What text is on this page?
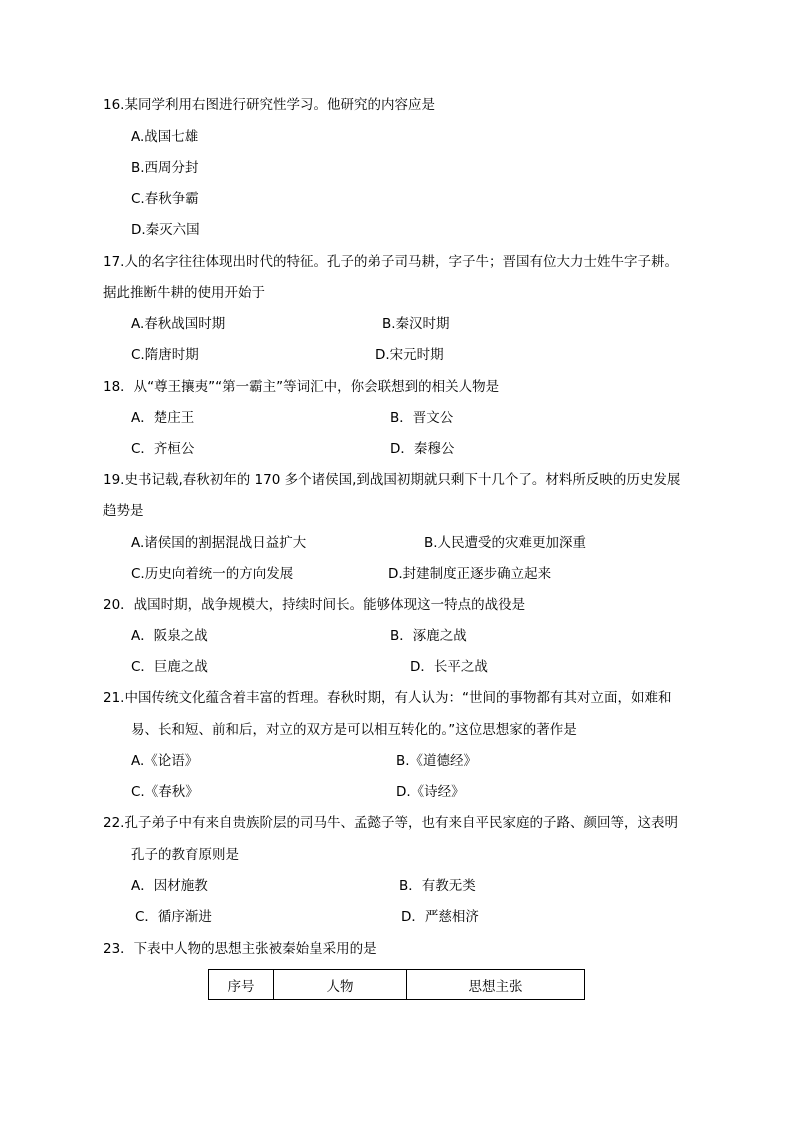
16.某同学利用右图进行研究性学习。他研究的内容应是
A.战国七雄
B.西周分封
C.春秋争霸
D.秦灭六国
17.人的名字往往体现出时代的特征。孔子的弟子司马耕，字子牛；晋国有位大力士姓牛字子耕。
据此推断牛耕的使用开始于
A.春秋战国时期	B.秦汉时期
C.隋唐时期	D.宋元时期
18．从“尊王攘夷”“第一霸主”等词汇中，你会联想到的相关人物是
A．楚庄王	B．晋文公
C．齐桓公	D．秦穆公
19.史书记载,春秋初年的 170 多个诸侯国,到战国初期就只剩下十几个了。材料所反映的历史发展
趋势是
A.诸侯国的割据混战日益扩大	B.人民遭受的灾难更加深重
C.历史向着统一的方向发展	D.封建制度正逐步确立起来
20．战国时期，战争规模大，持续时间长。能够体现这一特点的战役是
A．阪泉之战	B．涿鹿之战
C．巨鹿之战	D．长平之战
21.中国传统文化蕴含着丰富的哲理。春秋时期，有人认为：“世间的事物都有其对立面，如难和
易、长和短、前和后，对立的双方是可以相互转化的。”这位思想家的著作是
A.《论语》	B.《道德经》
C.《春秋》	D.《诗经》
22.孔子弟子中有来自贵族阶层的司马牛、孟懿子等，也有来自平民家庭的子路、颜回等，这表明
孔子的教育原则是
A．因材施教	B．有教无类
C．循序渐进	D．严慈相济
23．下表中人物的思想主张被秦始皇采用的是
序号	人物	思想主张
